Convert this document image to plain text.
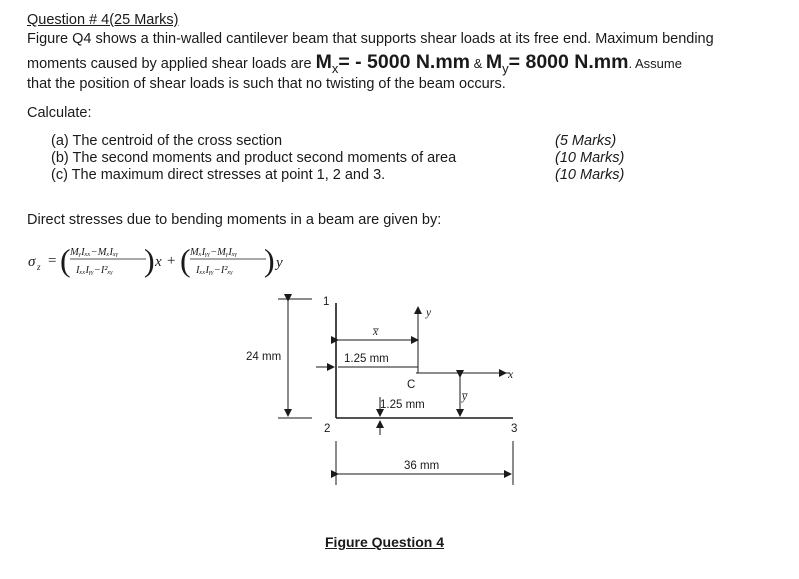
Question # 4(25 Marks)
Figure Q4 shows a thin-walled cantilever beam that supports shear loads at its free end. Maximum bending
moments caused by applied shear loads are $M_x= - 5000$ N.mm & $M_y= 8000$ N.mm. Assume
that the position of shear loads is such that no twisting of the beam occurs.
Calculate:
(a) The centroid of the cross section	(5 Marks)
(b) The second moments and product second moments of area	(10 Marks)
(c) The maximum direct stresses at point 1, 2 and 3.	(10 Marks)
Direct stresses due to bending moments in a beam are given by:
σ z = ( MᵧIₓₓ−MₓIₓᵧ
IₓₓIᵧᵧ−I²ₓᵧ ) x + ( MₓIᵧᵧ−MᵧIₓᵧ
IₓₓIᵧᵧ−I²ₓᵧ ) y
1
2	3
24 mm	1.25 mm
1.25 mm
36 mm
x̅
y̅
C
x
y
Figure Question 4
